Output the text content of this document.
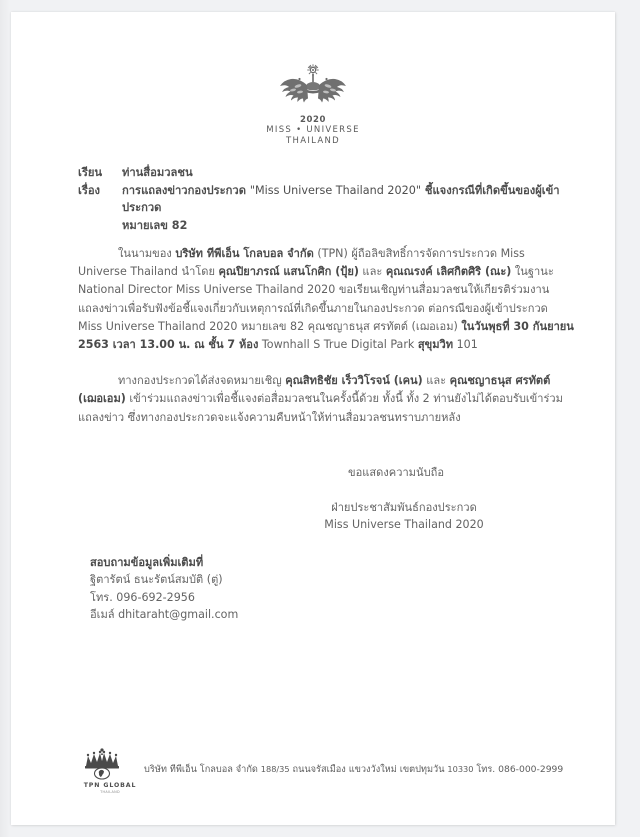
2020
MISS • UNIVERSE
THAILAND
เรียน	ท่านสื่อมวลชน
เรื่อง	การแถลงข่าวกองประกวด "Miss Universe Thailand 2020" ชี้แจงกรณีที่เกิดขึ้นของผู้เข้าประกวด
หมายเลข 82

ในนามของ บริษัท ทีพีเอ็น โกลบอล จำกัด (TPN) ผู้ถือลิขสิทธิ์การจัดการประกวด Miss Universe Thailand นำโดย คุณปิยาภรณ์ แสนโกศิก (ปุ้ย) และ คุณณรงค์ เลิศกิตศิริ (ณะ) ในฐานะ National Director Miss Universe Thailand 2020 ขอเรียนเชิญท่านสื่อมวลชนให้เกียรติร่วมงานแถลงข่าวเพื่อรับฟังข้อชี้แจงเกี่ยวกับเหตุการณ์ที่เกิดขึ้นภายในกองประกวด ต่อกรณีของผู้เข้าประกวด Miss Universe Thailand 2020 หมายเลข 82 คุณชญาธนุส ศรทัตต์ (เฌอเอม) ในวันพุธที่ 30 กันยายน 2563 เวลา 13.00 น. ณ ชั้น 7 ห้อง Townhall S True Digital Park สุขุมวิท 101

ทางกองประกวดได้ส่งจดหมายเชิญ คุณสิทธิชัย เร็ววิโรจน์ (เคน) และ คุณชญาธนุส ศรทัตต์ (เฌอเอม) เข้าร่วมแถลงข่าวเพื่อชี้แจงต่อสื่อมวลชนในครั้งนี้ด้วย ทั้งนี้ ทั้ง 2 ท่านยังไม่ได้ตอบรับเข้าร่วมแถลงข่าว ซึ่งทางกองประกวดจะแจ้งความคืบหน้าให้ท่านสื่อมวลชนทราบภายหลัง

ขอแสดงความนับถือ
ฝ่ายประชาสัมพันธ์กองประกวด
Miss Universe Thailand 2020
สอบถามข้อมูลเพิ่มเติมที่
ฐิตารัตน์ ธนะรัตน์สมบัติ (ตู่)
โทร. 096-692-2956
อีเมล์ dhitaraht@gmail.com
TPN GLOBAL
THAILAND
บริษัท ทีพีเอ็น โกลบอล จำกัด 188/35 ถนนจรัสเมือง แขวงวังใหม่ เขตปทุมวัน 10330 โทร. 086-000-2999
